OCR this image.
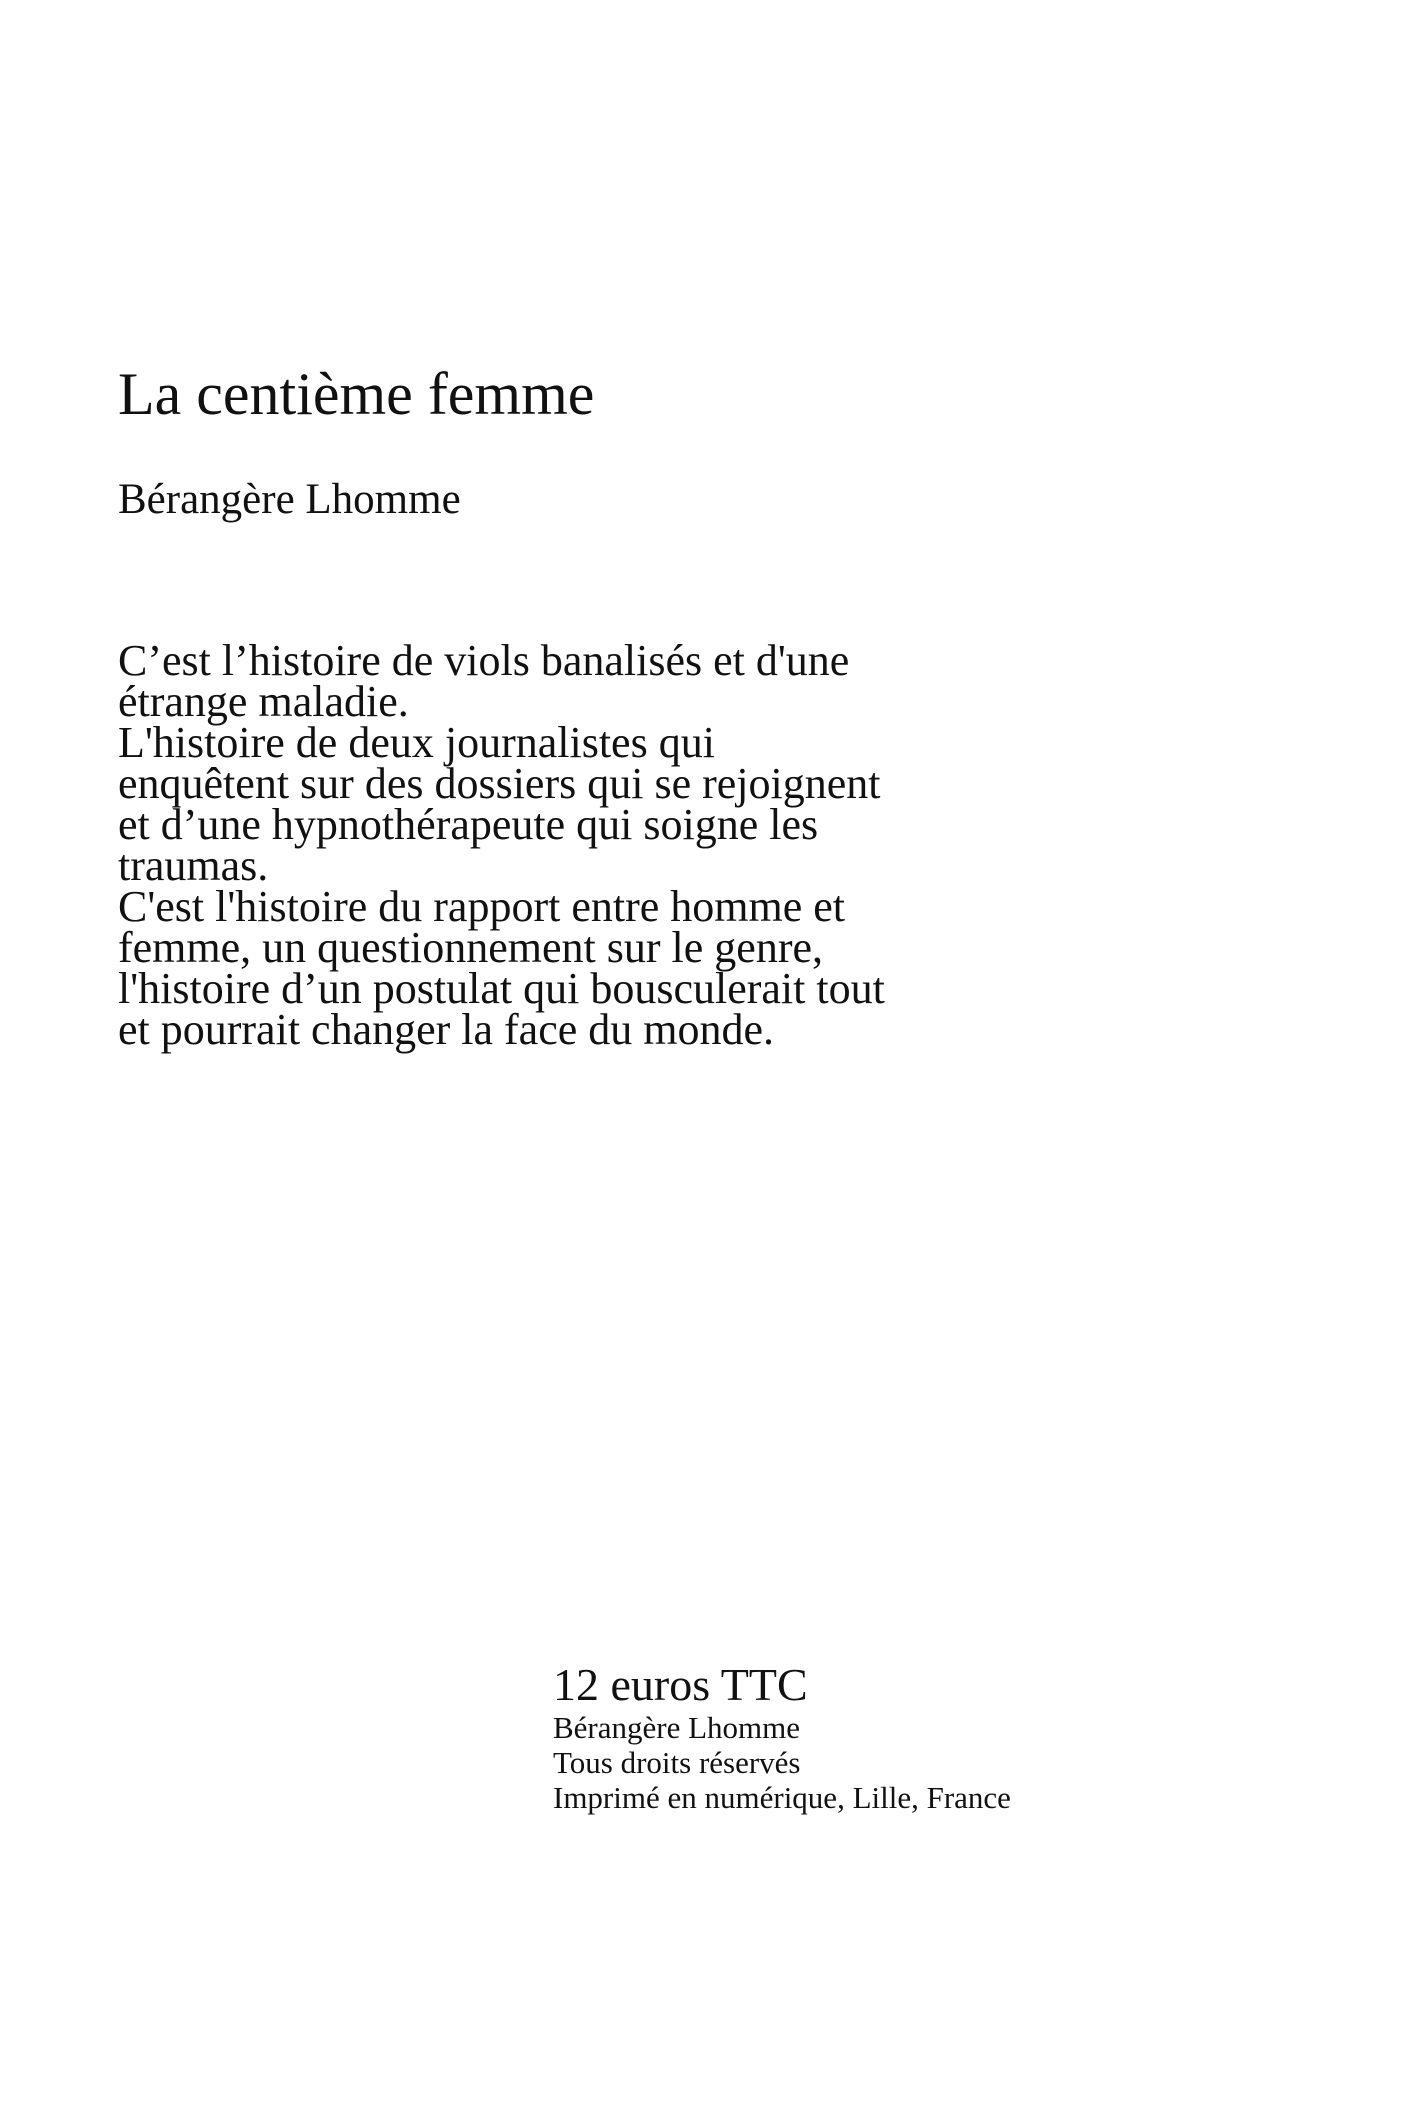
La centième femme

Bérangère Lhomme

C’est l’histoire de viols banalisés et d'une
étrange maladie.
L'histoire de deux journalistes qui
enquêtent sur des dossiers qui se rejoignent
et d’une hypnothérapeute qui soigne les
traumas.
C'est l'histoire du rapport entre homme et
femme, un questionnement sur le genre,
l'histoire d’un postulat qui bousculerait tout
et pourrait changer la face du monde.

12 euros TTC
Bérangère Lhomme
Tous droits réservés
Imprimé en numérique, Lille, France
